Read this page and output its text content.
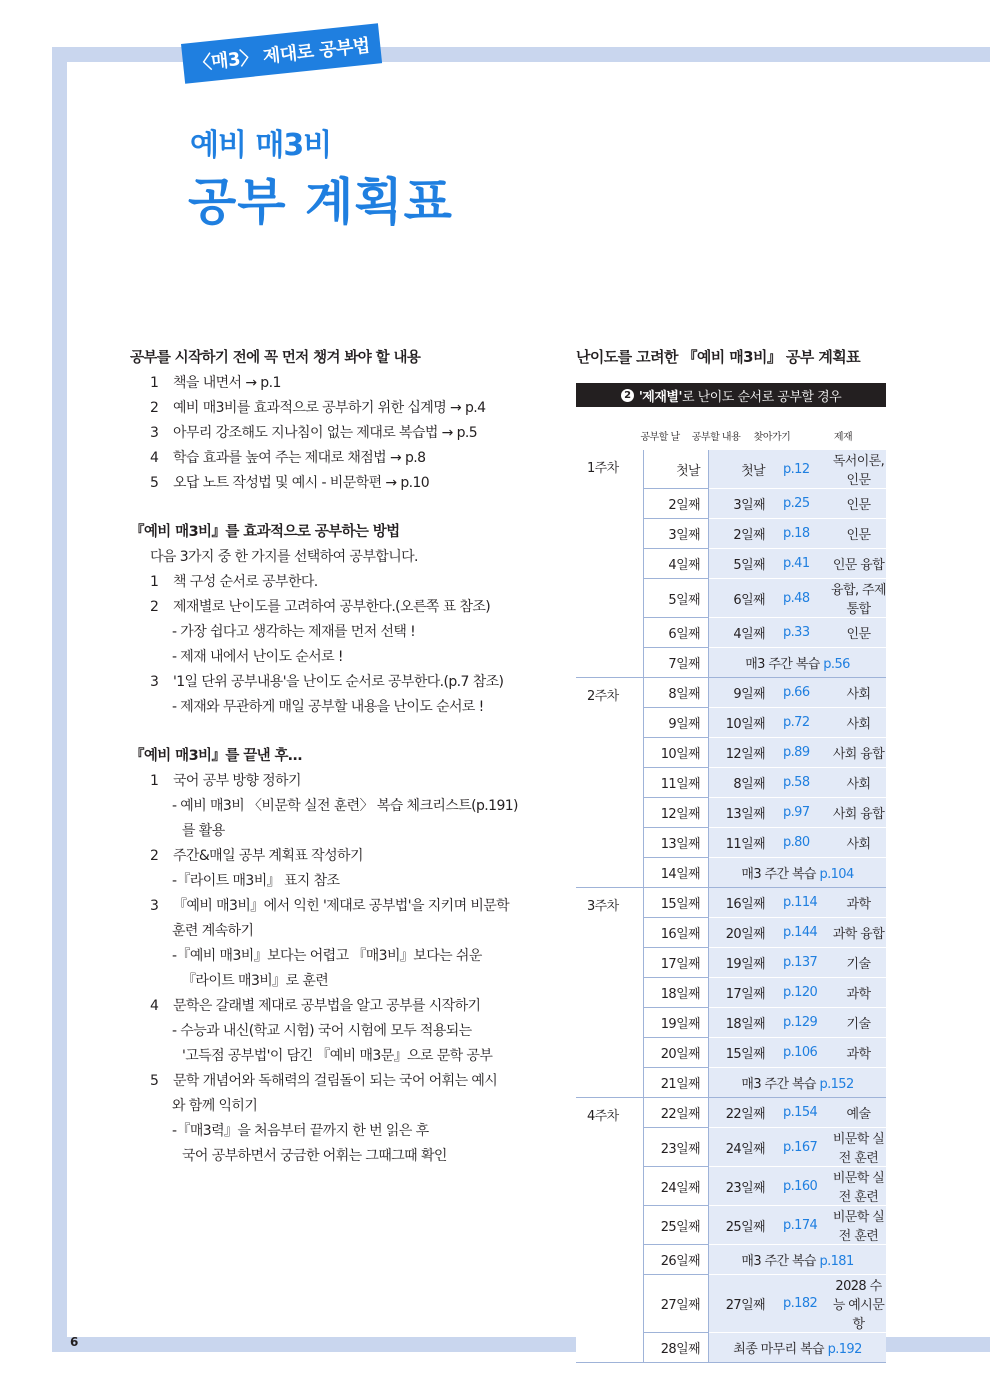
6
〈매3〉 제대로 공부법
예비 매3비
공부 계획표
공부를 시작하기 전에 꼭 먼저 챙겨 봐야 할 내용
1 책을 내면서 → p.1
2 예비 매3비를 효과적으로 공부하기 위한 십계명 → p.4
3 아무리 강조해도 지나침이 없는 제대로 복습법 → p.5
4 학습 효과를 높여 주는 제대로 채점법 → p.8
5 오답 노트 작성법 및 예시 - 비문학편 → p.10
『예비 매3비』를 효과적으로 공부하는 방법
다음 3가지 중 한 가지를 선택하여 공부합니다.
1 책 구성 순서로 공부한다.
2 제재별로 난이도를 고려하여 공부한다.(오른쪽 표 참조)
- 가장 쉽다고 생각하는 제재를 먼저 선택 !
- 제재 내에서 난이도 순서로 !
3 '1일 단위 공부내용'을 난이도 순서로 공부한다.(p.7 참조)
- 제재와 무관하게 매일 공부할 내용을 난이도 순서로 !
『예비 매3비』를 끝낸 후…
1 국어 공부 방향 정하기
- 예비 매3비 〈비문학 실전 훈련〉 복습 체크리스트(p.191)
를 활용
2 주간&매일 공부 계획표 작성하기
-『라이트 매3비』 표지 참조
3 『예비 매3비』에서 익힌 '제대로 공부법'을 지키며 비문학
훈련 계속하기
-『예비 매3비』보다는 어렵고 『매3비』보다는 쉬운
『라이트 매3비』로 훈련
4 문학은 갈래별 제대로 공부법을 알고 공부를 시작하기
- 수능과 내신(학교 시험) 국어 시험에 모두 적용되는
'고득점 공부법'이 담긴 『예비 매3문』으로 문학 공부
5 문학 개념어와 독해력의 걸림돌이 되는 국어 어휘는 예시
와 함께 익히기
-『매3력』을 처음부터 끝까지 한 번 읽은 후
국어 공부하면서 궁금한 어휘는 그때그때 확인
난이도를 고려한 『예비 매3비』 공부 계획표
2 '제재별' 로 난이도 순서로 공부할 경우
공부할 날	공부할 내용	찾아가기	제재
1주차	첫날	첫날	p.12	독서이론, 인문
	2일째	3일째	p.25	인문
	3일째	2일째	p.18	인문
	4일째	5일째	p.41	인문 융합
	5일째	6일째	p.48	융합, 주제 통합
	6일째	4일째	p.33	인문
	7일째	매3 주간 복습 p.56		
2주차	8일째	9일째	p.66	사회
	9일째	10일째	p.72	사회
	10일째	12일째	p.89	사회 융합
	11일째	8일째	p.58	사회
	12일째	13일째	p.97	사회 융합
	13일째	11일째	p.80	사회
	14일째	매3 주간 복습 p.104		
3주차	15일째	16일째	p.114	과학
	16일째	20일째	p.144	과학 융합
	17일째	19일째	p.137	기술
	18일째	17일째	p.120	과학
	19일째	18일째	p.129	기술
	20일째	15일째	p.106	과학
	21일째	매3 주간 복습 p.152		
4주차	22일째	22일째	p.154	예술
	23일째	24일째	p.167	비문학 실전 훈련
	24일째	23일째	p.160	비문학 실전 훈련
	25일째	25일째	p.174	비문학 실전 훈련
	26일째	매3 주간 복습 p.181		
	27일째	27일째	p.182	2028 수능 예시문항
	28일째	최종 마무리 복습 p.192		
